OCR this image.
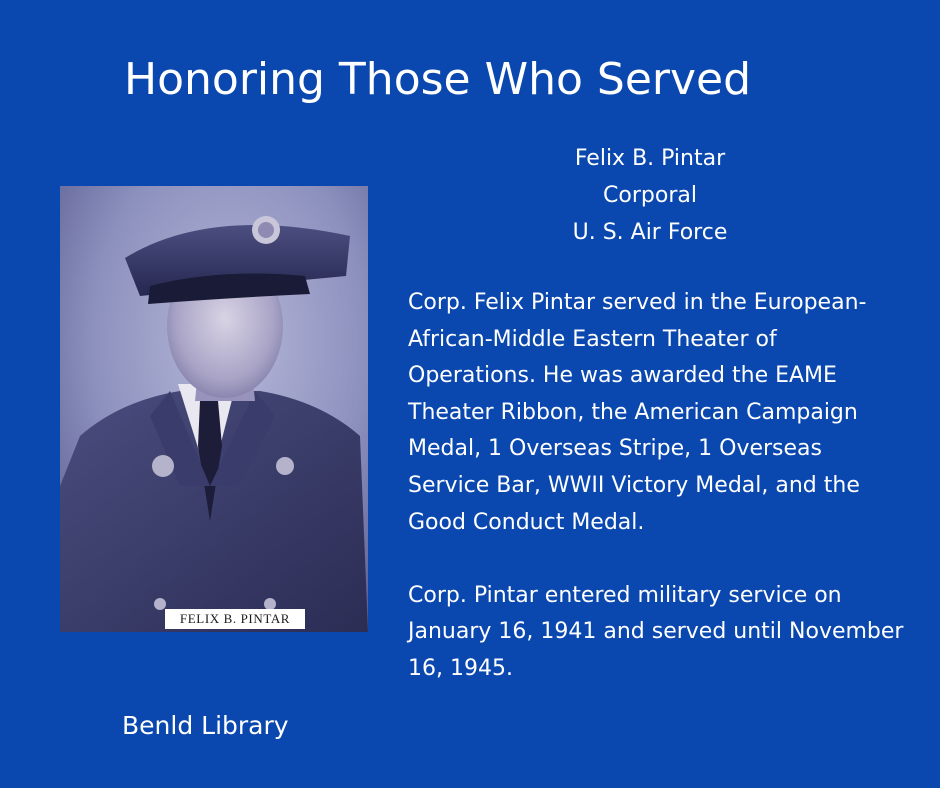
Honoring Those Who Served
Felix B. Pintar
Corporal
U. S. Air Force

Corp. Felix Pintar served in the European-African-Middle Eastern Theater of Operations. He was awarded the EAME Theater Ribbon, the American Campaign Medal, 1 Overseas Stripe, 1 Overseas Service Bar, WWII Victory Medal, and the Good Conduct Medal.

Corp. Pintar entered military service on January 16, 1941 and served until November 16, 1945.

FELIX B. PINTAR
Benld Library
